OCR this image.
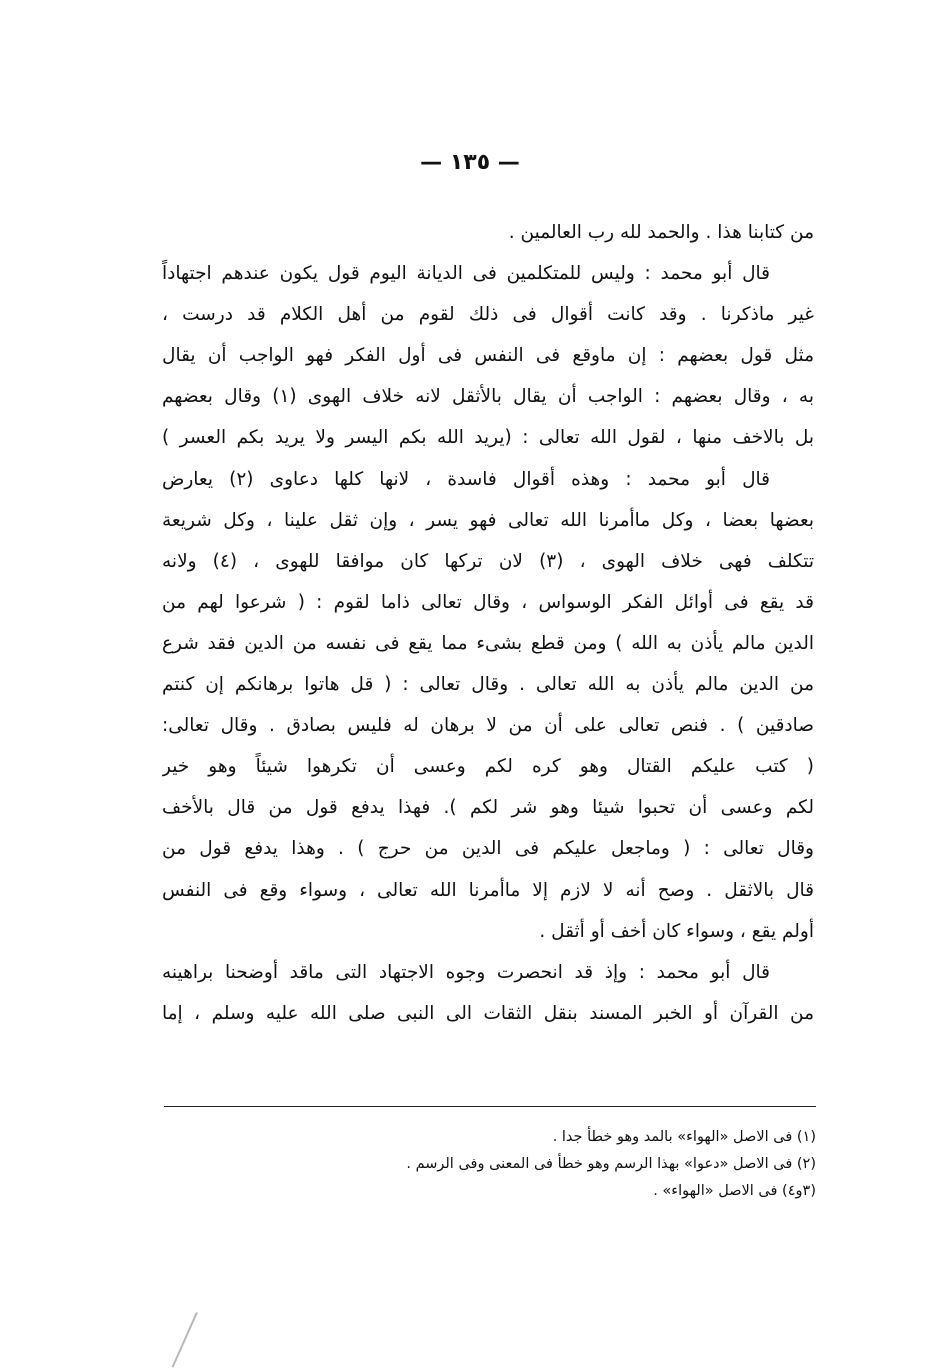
— ١٣٥ —
من كتابنا هذا . والحمد لله رب العالمين .
قال أبو محمد : وليس للمتكلمين فى الديانة اليوم قول يكون عندهم اجتهاداً
غير ماذكرنا . وقد كانت أقوال فى ذلك لقوم من أهل الكلام قد درست ،
مثل قول بعضهم : إن ماوقع فى النفس فى أول الفكر فهو الواجب أن يقال
به ، وقال بعضهم : الواجب أن يقال بالأثقل لانه خلاف الهوى (١) وقال بعضهم
بل بالاخف منها ، لقول الله تعالى : (يريد الله بكم اليسر ولا يريد بكم العسر )
قال أبو محمد : وهذه أقوال فاسدة ، لانها كلها دعاوى (٢) يعارض
بعضها بعضا ، وكل ماأمرنا الله تعالى فهو يسر ، وإن ثقل علينا ، وكل شريعة
تتكلف فهى خلاف الهوى ، (٣) لان تركها كان موافقا للهوى ، (٤) ولانه
قد يقع فى أوائل الفكر الوسواس ، وقال تعالى ذاما لقوم : ( شرعوا لهم من
الدين مالم يأذن به الله ) ومن قطع بشىء مما يقع فى نفسه من الدين فقد شرع
من الدين مالم يأذن به الله تعالى . وقال تعالى : ( قل هاتوا برهانكم إن كنتم
صادقين ) . فنص تعالى على أن من لا برهان له فليس بصادق . وقال تعالى:
( كتب عليكم القتال وهو كره لكم وعسى أن تكرهوا شيئاً وهو خير
لكم وعسى أن تحبوا شيئا وهو شر لكم ). فهذا يدفع قول من قال بالأخف
وقال تعالى : ( وماجعل عليكم فى الدين من حرج ) . وهذا يدفع قول من
قال بالاثقل . وصح أنه لا لازم إلا ماأمرنا الله تعالى ، وسواء وقع فى النفس
أولم يقع ، وسواء كان أخف أو أثقل .
قال أبو محمد : وإذ قد انحصرت وجوه الاجتهاد التى ماقد أوضحنا براهينه
من القرآن أو الخبر المسند بنقل الثقات الى النبى صلى الله عليه وسلم ، إما
(١) فى الاصل «الهواء» بالمد وهو خطأ جدا .
(٢) فى الاصل «دعوا» بهذا الرسم وهو خطأ فى المعنى وفى الرسم .
(٣و٤) فى الاصل «الهواء» .
